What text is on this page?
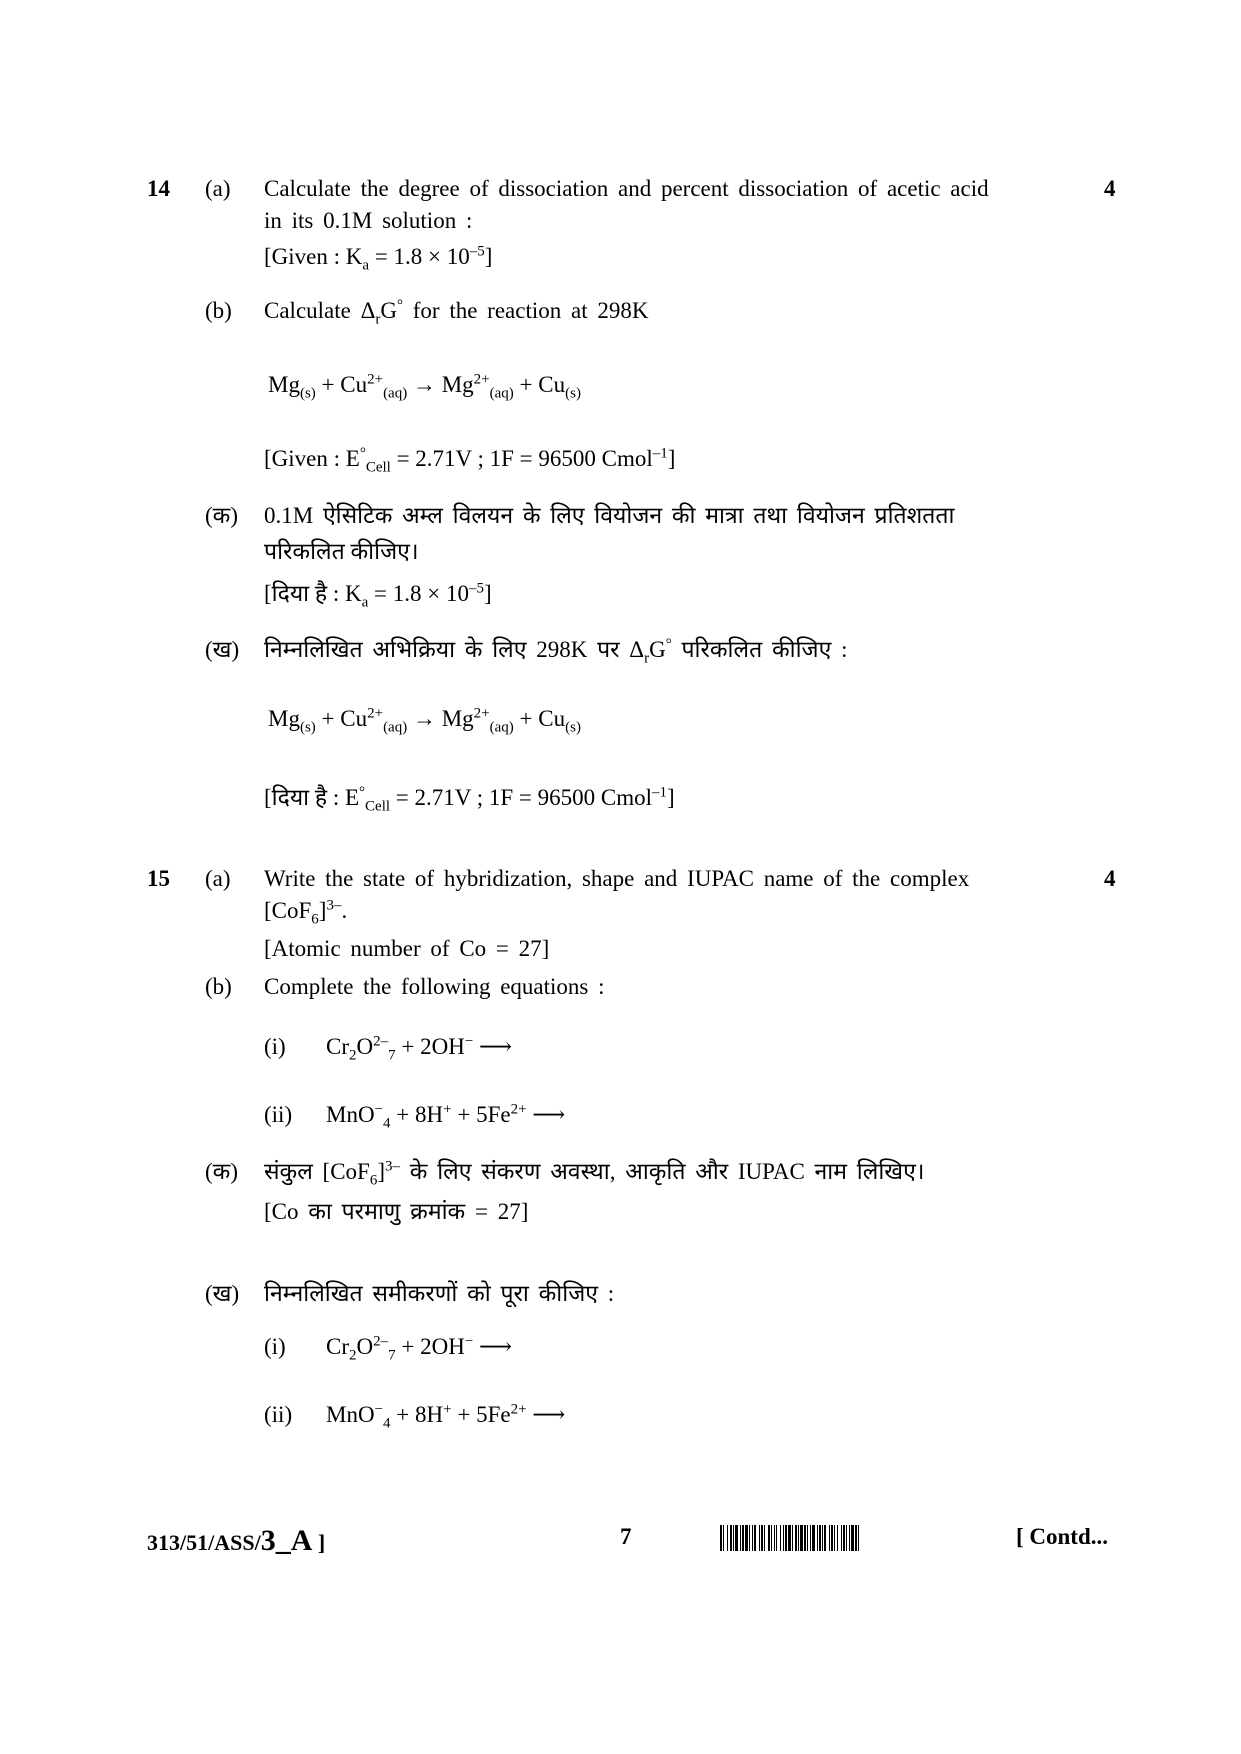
14	4
(a) Calculate the degree of dissociation and percent dissociation of acetic acid
in its 0.1M solution :
[Given : $K_a = 1.8 \times 10^{-5}$]
(b) Calculate $\Delta_rG^\circ$ for the reaction at 298K
$Mg_{(s)} + Cu^{2+}_{(aq)} \to Mg^{2+}_{(aq)} + Cu_{(s)}$
[Given : $E^\circ_{Cell} = 2.71V$ ; 1F = 96500 Cmol$^{-1}$]
(क) 0.1M ऐसिटिक अम्ल विलयन के लिए वियोजन की मात्रा तथा वियोजन प्रतिशतता
परिकलित कीजिए।
[दिया है : $K_a = 1.8 \times 10^{-5}$]
(ख) निम्नलिखित अभिक्रिया के लिए 298K पर $\Delta_rG^\circ$ परिकलित कीजिए :
$Mg_{(s)} + Cu^{2+}_{(aq)} \to Mg^{2+}_{(aq)} + Cu_{(s)}$
[दिया है : $E^\circ_{Cell} = 2.71V$ ; 1F = 96500 Cmol$^{-1}$]
15	4
(a) Write the state of hybridization, shape and IUPAC name of the complex
$[CoF_6]^{3-}$.
[Atomic number of Co = 27]
(b) Complete the following equations :
(i) $Cr_2O^{2-}_7 + 2OH^-$ ⟶
(ii) $MnO^-_4 + 8H^+ + 5Fe^{2+}$ ⟶
(क) संकुल $[CoF_6]^{3-}$ के लिए संकरण अवस्था, आकृति और IUPAC नाम लिखिए।
[Co का परमाणु क्रमांक = 27]
(ख) निम्नलिखित समीकरणों को पूरा कीजिए :
(i) $Cr_2O^{2-}_7 + 2OH^-$ ⟶
(ii) $MnO^-_4 + 8H^+ + 5Fe^{2+}$ ⟶
313/51/ASS/3_A ]	7	[ Contd...
